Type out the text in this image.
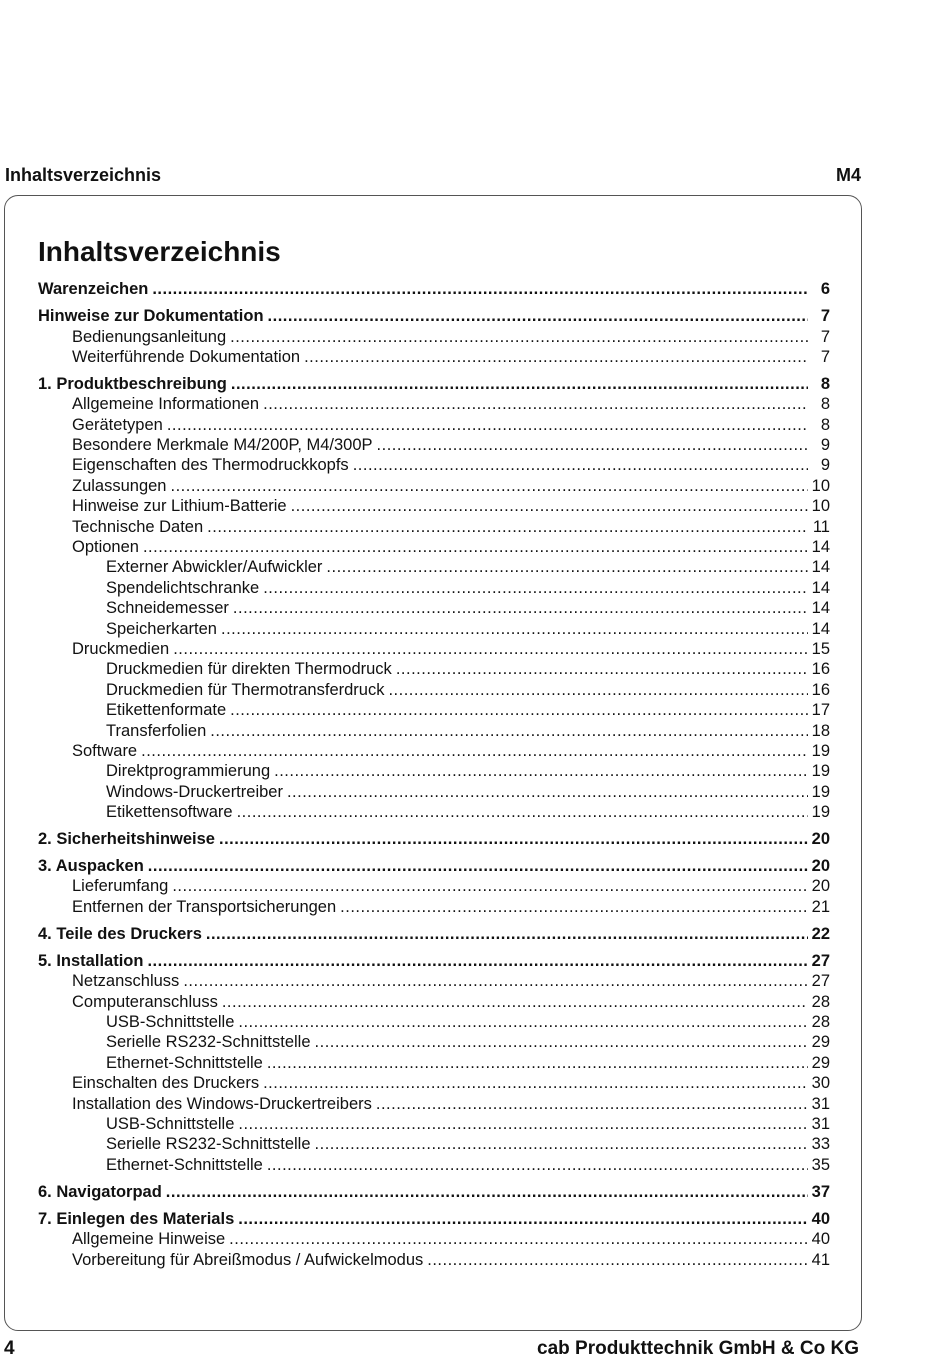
Inhaltsverzeichnis	M4
Inhaltsverzeichnis
Warenzeichen .....	6
Hinweise zur Dokumentation .....	7
Bedienungsanleitung .....	7
Weiterführende Dokumentation .....	7
1. Produktbeschreibung .....	8
Allgemeine Informationen .....	8
Gerätetypen .....	8
Besondere Merkmale M4/200P, M4/300P .....	9
Eigenschaften des Thermodruckkopfs .....	9
Zulassungen .....	10
Hinweise zur Lithium-Batterie .....	10
Technische Daten .....	11
Optionen .....	14
Externer Abwickler/Aufwickler .....	14
Spendelichtschranke .....	14
Schneidemesser .....	14
Speicherkarten .....	14
Druckmedien .....	15
Druckmedien für direkten Thermodruck .....	16
Druckmedien für Thermotransferdruck .....	16
Etikettenformate .....	17
Transferfolien .....	18
Software .....	19
Direktprogrammierung .....	19
Windows-Druckertreiber .....	19
Etikettensoftware .....	19
2. Sicherheitshinweise .....	20
3. Auspacken .....	20
Lieferumfang .....	20
Entfernen der Transportsicherungen .....	21
4. Teile des Druckers .....	22
5. Installation .....	27
Netzanschluss .....	27
Computeranschluss .....	28
USB-Schnittstelle .....	28
Serielle RS232-Schnittstelle .....	29
Ethernet-Schnittstelle .....	29
Einschalten des Druckers .....	30
Installation des Windows-Druckertreibers .....	31
USB-Schnittstelle .....	31
Serielle RS232-Schnittstelle .....	33
Ethernet-Schnittstelle .....	35
6. Navigatorpad .....	37
7. Einlegen des Materials .....	40
Allgemeine Hinweise .....	40
Vorbereitung für Abreißmodus / Aufwickelmodus .....	41
4	cab Produkttechnik GmbH & Co KG
